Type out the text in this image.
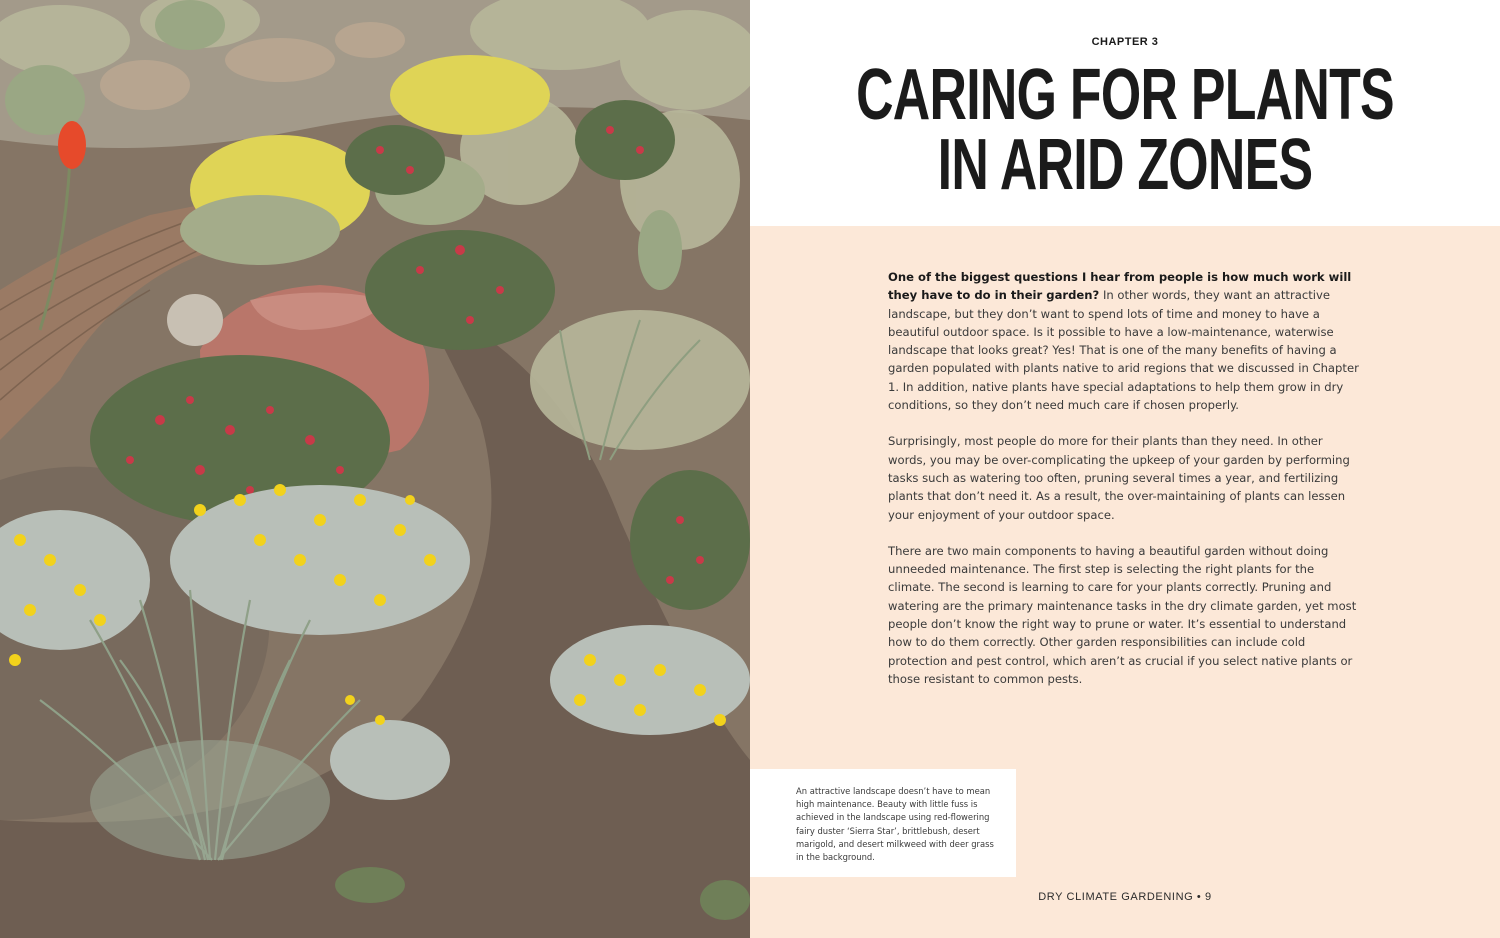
CHAPTER 3
CARING FOR PLANTS
IN ARID ZONES

One of the biggest questions I hear from people is how much work will they have to do in their garden? In other words, they want an attractive landscape, but they don’t want to spend lots of time and money to have a beautiful outdoor space. Is it possible to have a low-maintenance, waterwise landscape that looks great? Yes! That is one of the many benefits of having a garden populated with plants native to arid regions that we discussed in Chapter 1. In addition, native plants have special adaptations to help them grow in dry conditions, so they don’t need much care if chosen properly.

Surprisingly, most people do more for their plants than they need. In other words, you may be over-complicating the upkeep of your garden by performing tasks such as watering too often, pruning several times a year, and fertilizing plants that don’t need it. As a result, the over-maintaining of plants can lessen your enjoyment of your outdoor space.

There are two main components to having a beautiful garden without doing unneeded maintenance. The first step is selecting the right plants for the climate. The second is learning to care for your plants correctly. Pruning and watering are the primary maintenance tasks in the dry climate garden, yet most people don’t know the right way to prune or water. It’s essential to understand how to do them correctly. Other garden responsibilities can include cold protection and pest control, which aren’t as crucial if you select native plants or those resistant to common pests.

An attractive landscape doesn’t have to mean high maintenance. Beauty with little fuss is achieved in the landscape using red-flowering fairy duster ‘Sierra Star’, brittlebush, desert marigold, and desert milkweed with deer grass in the background.
DRY CLIMATE GARDENING • 9
